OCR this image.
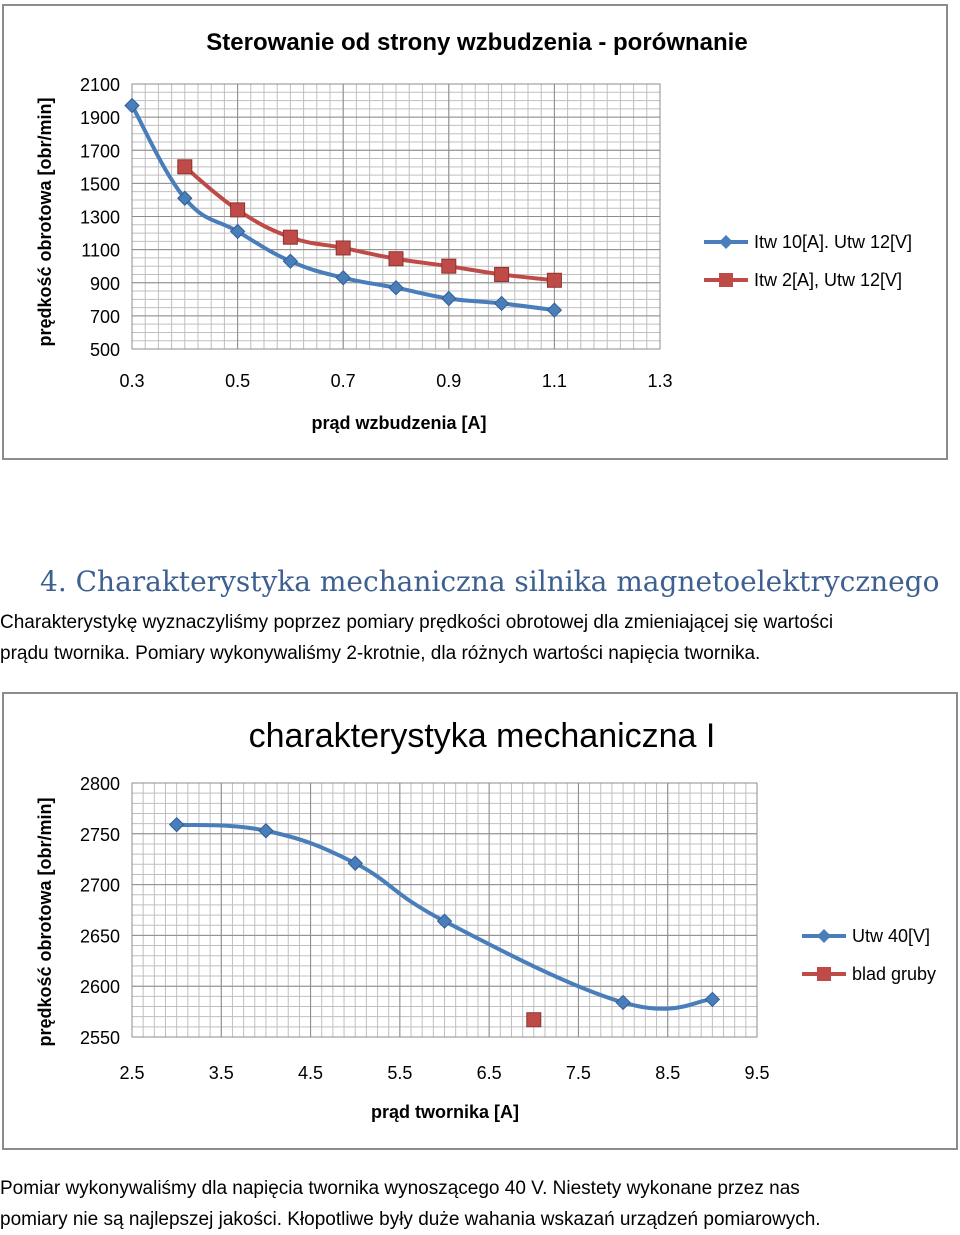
500
700
900
1100
1300
1500
1700
1900
2100
0.3	0.5	0.7	0.9	1.1	1.3
Sterowanie od strony wzbudzenia - porównanie
prąd wzbudzenia [A]
prędkość obrotowa [obr/min]	Itw 10[A]. Utw 12[V]
Itw 2[A], Utw 12[V]
4. Charakterystyka mechaniczna silnika magnetoelektrycznego
Charakterystykę wyznaczyliśmy poprzez pomiary prędkości obrotowej dla zmieniającej się wartości
prądu twornika. Pomiary wykonywaliśmy 2-krotnie, dla różnych wartości napięcia twornika.
2550
2600
2650
2700
2750
2800
2.5	3.5	4.5	5.5	6.5	7.5	8.5	9.5
charakterystyka mechaniczna I
prąd twornika [A]
prędkość obrotowa [obr/min]	Utw 40[V]
blad gruby
Pomiar wykonywaliśmy dla napięcia twornika wynoszącego 40 V. Niestety wykonane przez nas
pomiary nie są najlepszej jakości. Kłopotliwe były duże wahania wskazań urządzeń pomiarowych.
